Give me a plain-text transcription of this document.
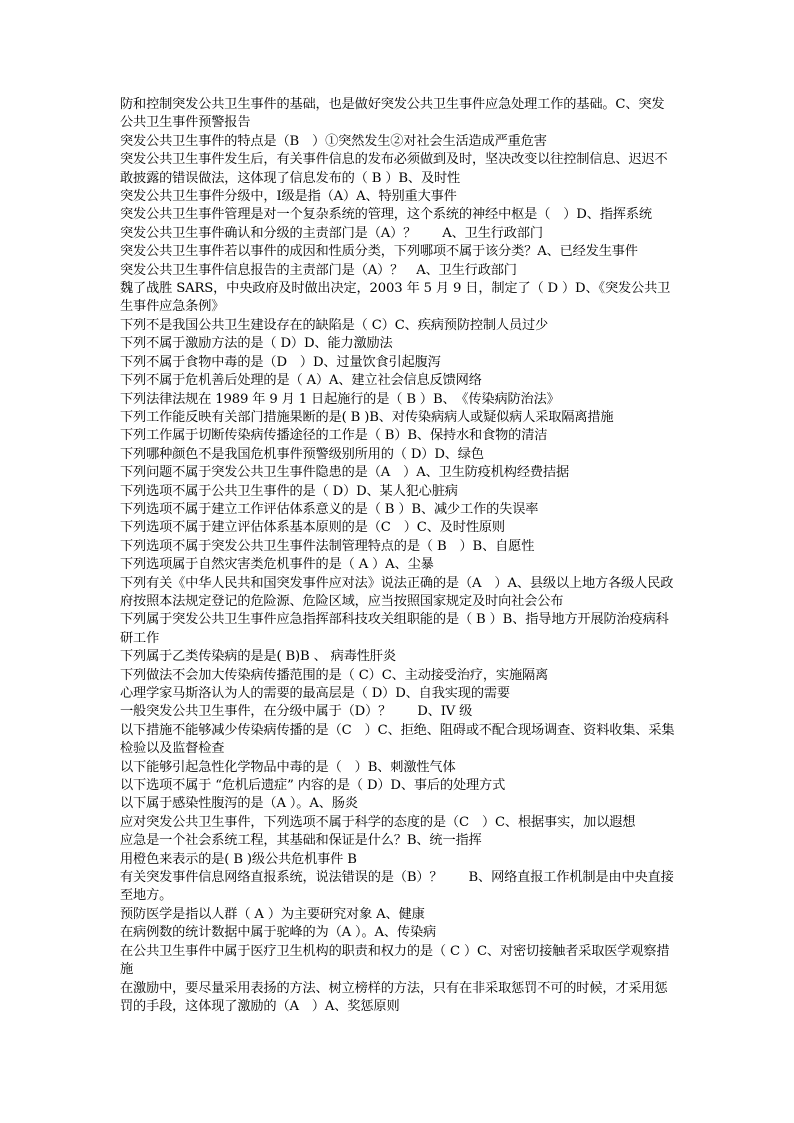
防和控制突发公共卫生事件的基础，也是做好突发公共卫生事件应急处理工作的基础。C、突发公共卫生事件预警报告
突发公共卫生事件的特点是（B　）①突然发生②对社会生活造成严重危害
突发公共卫生事件发生后，有关事件信息的发布必须做到及时，坚决改变以往控制信息、迟迟不敢披露的错误做法，这体现了信息发布的（ B ）B、及时性
突发公共卫生事件分级中，I级是指（A）A、特别重大事件
突发公共卫生事件管理是对一个复杂系统的管理，这个系统的神经中枢是（　）D、指挥系统
突发公共卫生事件确认和分级的主责部门是（A）？　　A、卫生行政部门
突发公共卫生事件若以事件的成因和性质分类，下列哪项不属于该分类？A、已经发生事件
突发公共卫生事件信息报告的主责部门是（A）？　A、卫生行政部门
魏了战胜 SARS，中央政府及时做出决定，2003 年 5 月 9 日，制定了（ D ）D、《突发公共卫生事件应急条例》
下列不是我国公共卫生建设存在的缺陷是（ C）C、疾病预防控制人员过少
下列不属于激励方法的是（ D）D、能力激励法
下列不属于食物中毒的是（D　）D、过量饮食引起腹泻
下列不属于危机善后处理的是（ A）A、建立社会信息反馈网络
下列法律法规在 1989 年 9 月 1 日起施行的是（ B ）B、　《传染病防治法》
下列工作能反映有关部门措施果断的是( B )B、对传染病病人或疑似病人采取隔离措施
下列工作属于切断传染病传播途径的工作是（ B）B、保持水和食物的清洁
下列哪种颜色不是我国危机事件预警级别所用的（ D）D、绿色
下列问题不属于突发公共卫生事件隐患的是（A　）A、卫生防疫机构经费拮据
下列选项不属于公共卫生事件的是（ D）D、某人犯心脏病
下列选项不属于建立工作评估体系意义的是（ B ）B、减少工作的失误率
下列选项不属于建立评估体系基本原则的是（C　）C、及时性原则
下列选项不属于突发公共卫生事件法制管理特点的是（ B　）B、自愿性
下列选项属于自然灾害类危机事件的是（ A ）A、尘暴
下列有关《中华人民共和国突发事件应对法》说法正确的是（A　）A、县级以上地方各级人民政府按照本法规定登记的危险源、危险区域，应当按照国家规定及时向社会公布
下列属于突发公共卫生事件应急指挥部科技攻关组职能的是（ B ）B、指导地方开展防治疫病科研工作
下列属于乙类传染病的是是( B)B 、 病毒性肝炎
下列做法不会加大传染病传播范围的是（ C）C、主动接受治疗，实施隔离
心理学家马斯洛认为人的需要的最高层是（ D）D、自我实现的需要
一般突发公共卫生事件，在分级中属于（D）？　　D、IV 级
以下措施不能够减少传染病传播的是（C　）C、拒绝、阻碍或不配合现场调查、资料收集、采集检验以及监督检查
以下能够引起急性化学物品中毒的是（　）B、刺激性气体
以下选项不属于 “危机后遗症” 内容的是（ D）D、事后的处理方式
以下属于感染性腹泻的是（A ）。A、肠炎
应对突发公共卫生事件，下列选项不属于科学的态度的是（C　）C、根据事实，加以遐想
应急是一个社会系统工程，其基础和保证是什么？B、统一指挥
用橙色来表示的是( B )级公共危机事件 B
有关突发事件信息网络直报系统，说法错误的是（B）？　　B、网络直报工作机制是由中央直接至地方。
预防医学是指以人群（ A ）为主要研究对象 A、健康
在病例数的统计数据中属于驼峰的为（A ）。A、传染病
在公共卫生事件中属于医疗卫生机构的职责和权力的是（ C ）C、对密切接触者采取医学观察措施
在激励中，要尽量采用表扬的方法、树立榜样的方法，只有在非采取惩罚不可的时候，才采用惩罚的手段，这体现了激励的（A　）A、奖惩原则
